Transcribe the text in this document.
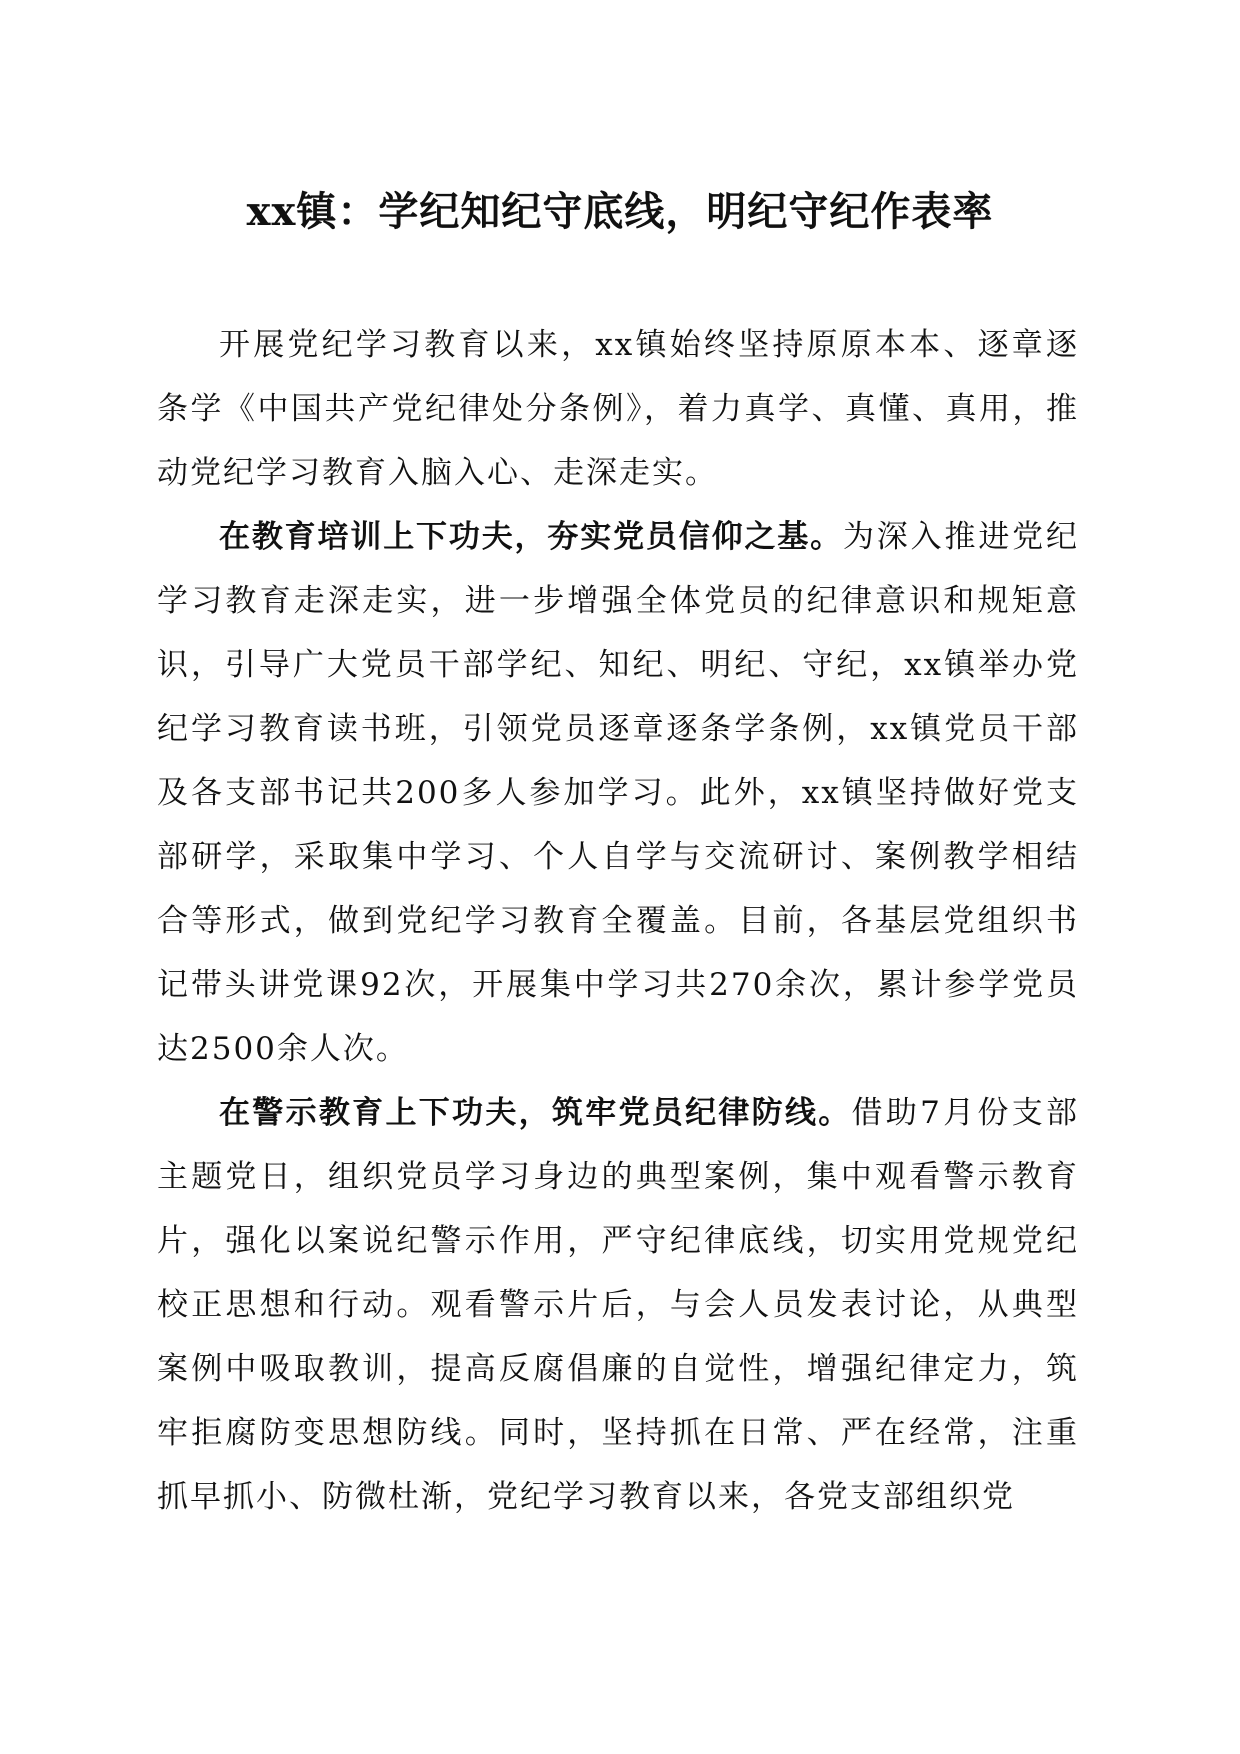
xx镇：学纪知纪守底线，明纪守纪作表率

开展党纪学习教育以来，xx镇始终坚持原原本本、逐章逐条学《中国共产党纪律处分条例》，着力真学、真懂、真用，推动党纪学习教育入脑入心、走深走实。

在教育培训上下功夫，夯实党员信仰之基。为深入推进党纪学习教育走深走实，进一步增强全体党员的纪律意识和规矩意识，引导广大党员干部学纪、知纪、明纪、守纪，xx镇举办党纪学习教育读书班，引领党员逐章逐条学条例，xx镇党员干部及各支部书记共200多人参加学习。此外，xx镇坚持做好党支部研学，采取集中学习、个人自学与交流研讨、案例教学相结合等形式，做到党纪学习教育全覆盖。目前，各基层党组织书记带头讲党课92次，开展集中学习共270余次，累计参学党员达2500余人次。

在警示教育上下功夫，筑牢党员纪律防线。借助7月份支部主题党日，组织党员学习身边的典型案例，集中观看警示教育片，强化以案说纪警示作用，严守纪律底线，切实用党规党纪校正思想和行动。观看警示片后，与会人员发表讨论，从典型案例中吸取教训，提高反腐倡廉的自觉性，增强纪律定力，筑牢拒腐防变思想防线。同时，坚持抓在日常、严在经常，注重抓早抓小、防微杜渐，党纪学习教育以来，各党支部组织党
